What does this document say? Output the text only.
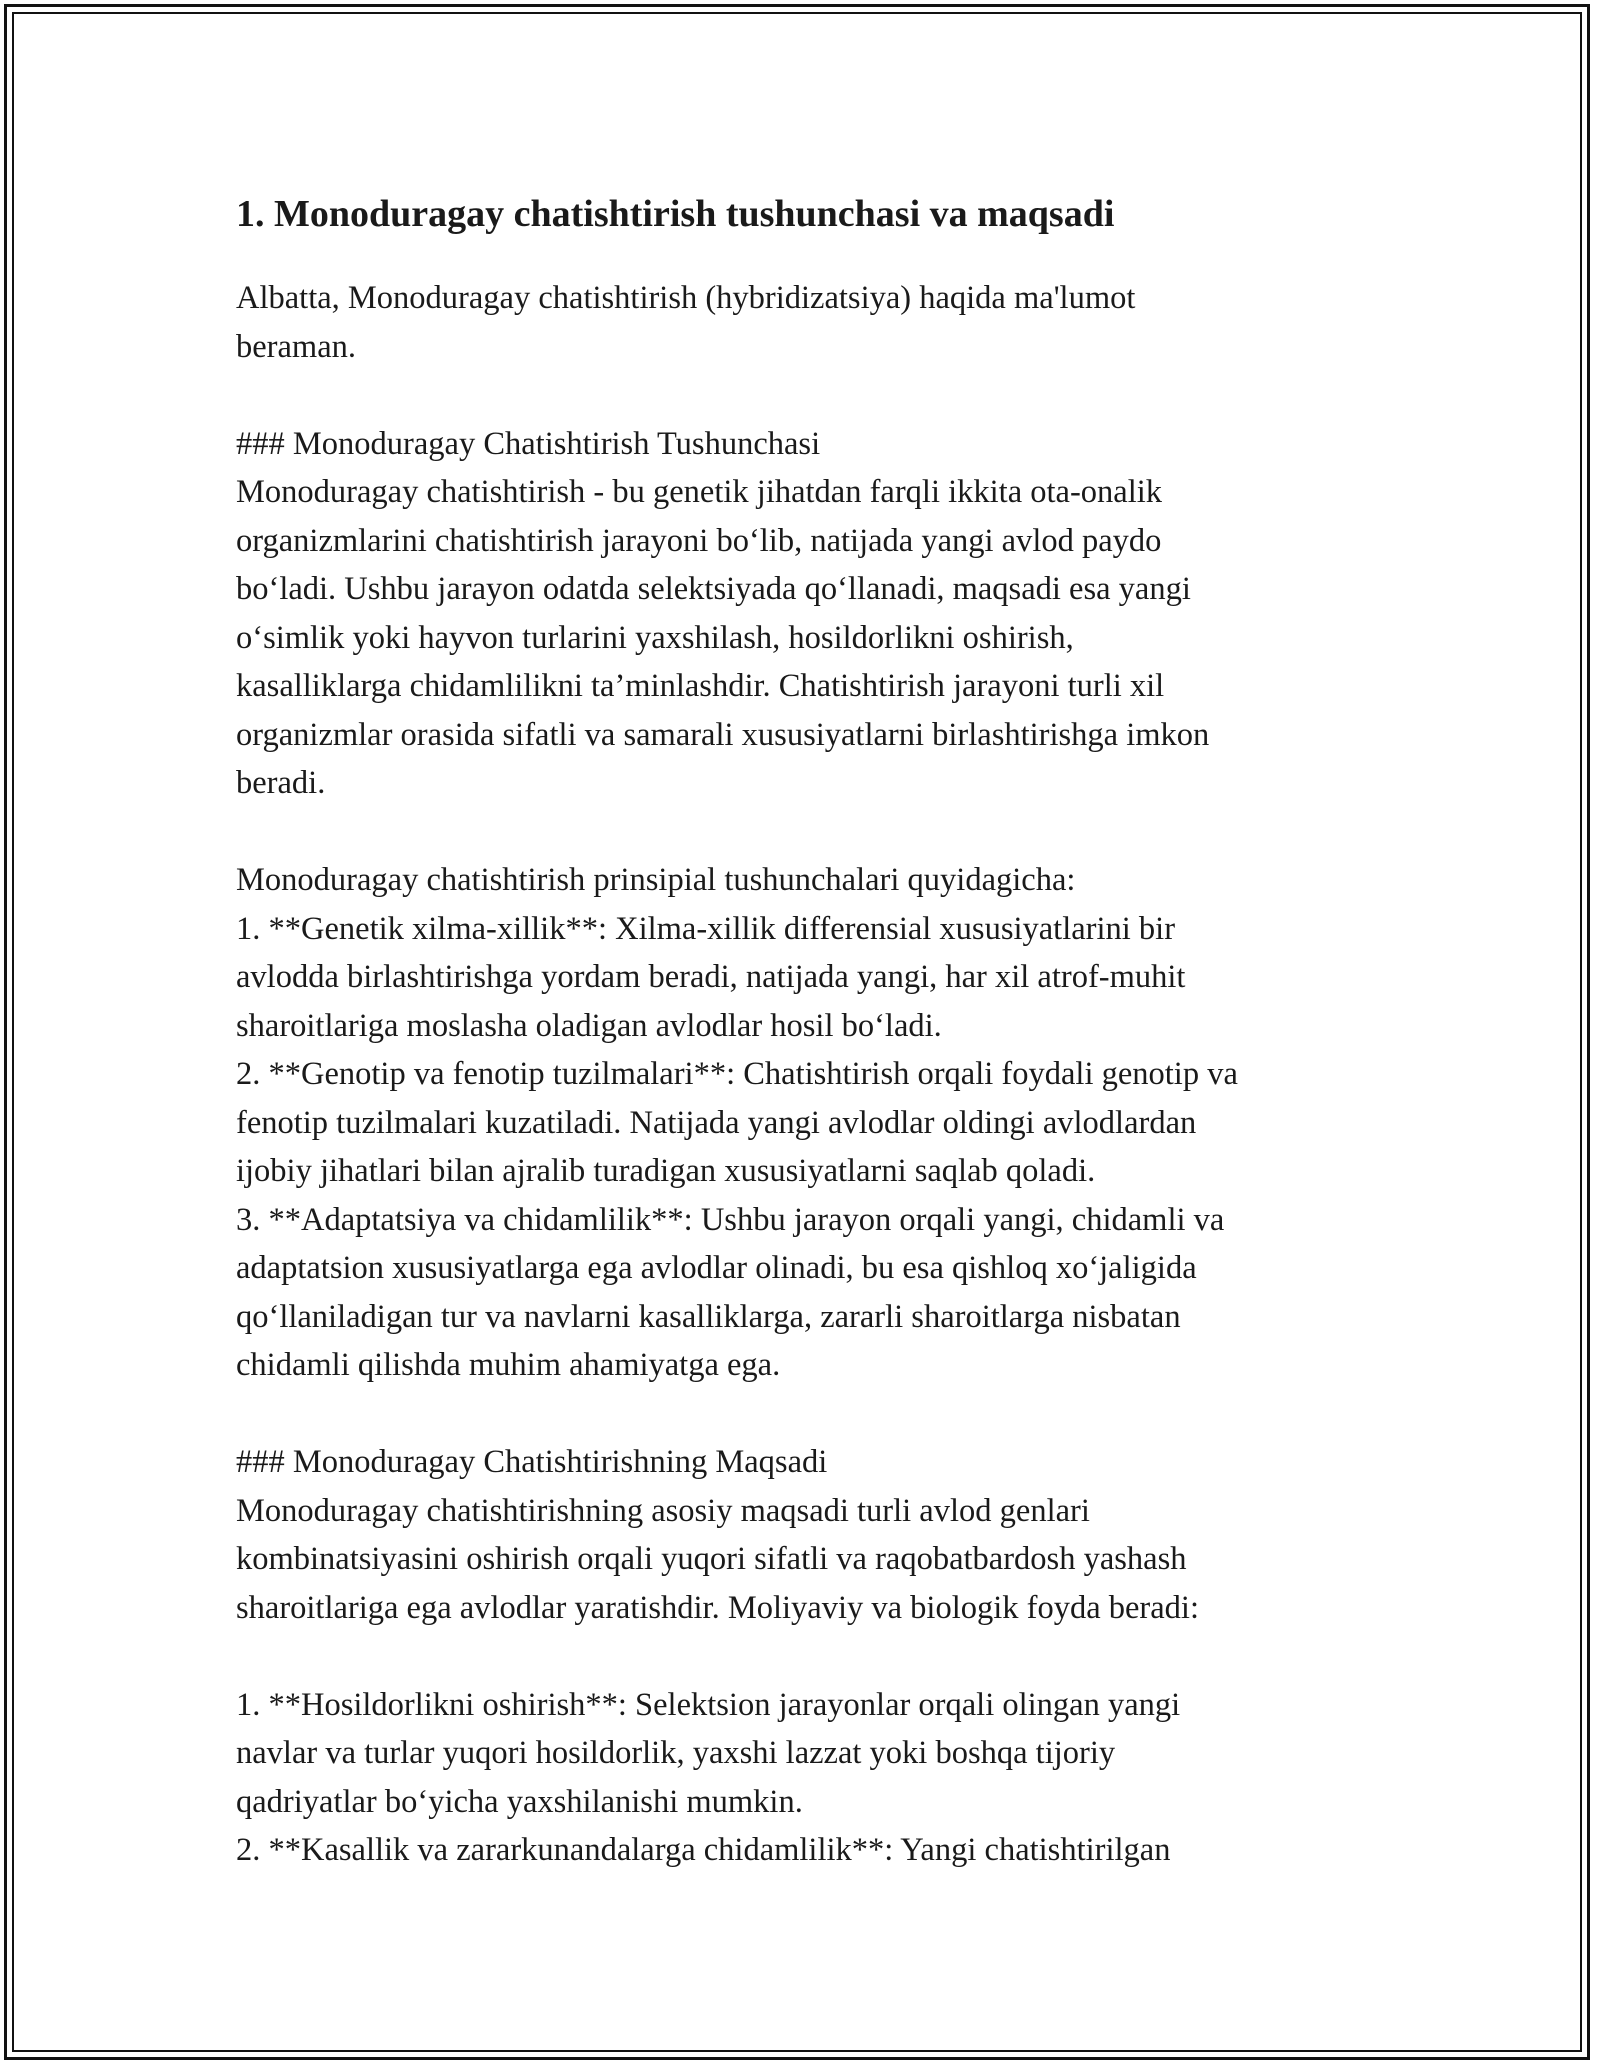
1. Monoduragay chatishtirish tushunchasi va maqsadi
Albatta, Monoduragay chatishtirish (hybridizatsiya) haqida ma'lumot
beraman.
### Monoduragay Chatishtirish Tushunchasi
Monoduragay chatishtirish - bu genetik jihatdan farqli ikkita ota-onalik
organizmlarini chatishtirish jarayoni bo‘lib, natijada yangi avlod paydo
bo‘ladi. Ushbu jarayon odatda selektsiyada qo‘llanadi, maqsadi esa yangi
o‘simlik yoki hayvon turlarini yaxshilash, hosildorlikni oshirish,
kasalliklarga chidamlilikni ta’minlashdir. Chatishtirish jarayoni turli xil
organizmlar orasida sifatli va samarali xususiyatlarni birlashtirishga imkon
beradi.
Monoduragay chatishtirish prinsipial tushunchalari quyidagicha:
1. **Genetik xilma-xillik**: Xilma-xillik differensial xususiyatlarini bir
avlodda birlashtirishga yordam beradi, natijada yangi, har xil atrof-muhit
sharoitlariga moslasha oladigan avlodlar hosil bo‘ladi.
2. **Genotip va fenotip tuzilmalari**: Chatishtirish orqali foydali genotip va
fenotip tuzilmalari kuzatiladi. Natijada yangi avlodlar oldingi avlodlardan
ijobiy jihatlari bilan ajralib turadigan xususiyatlarni saqlab qoladi.
3. **Adaptatsiya va chidamlilik**: Ushbu jarayon orqali yangi, chidamli va
adaptatsion xususiyatlarga ega avlodlar olinadi, bu esa qishloq xo‘jaligida
qo‘llaniladigan tur va navlarni kasalliklarga, zararli sharoitlarga nisbatan
chidamli qilishda muhim ahamiyatga ega.
### Monoduragay Chatishtirishning Maqsadi
Monoduragay chatishtirishning asosiy maqsadi turli avlod genlari
kombinatsiyasini oshirish orqali yuqori sifatli va raqobatbardosh yashash
sharoitlariga ega avlodlar yaratishdir. Moliyaviy va biologik foyda beradi:
1. **Hosildorlikni oshirish**: Selektsion jarayonlar orqali olingan yangi
navlar va turlar yuqori hosildorlik, yaxshi lazzat yoki boshqa tijoriy
qadriyatlar bo‘yicha yaxshilanishi mumkin.
2. **Kasallik va zararkunandalarga chidamlilik**: Yangi chatishtirilgan
